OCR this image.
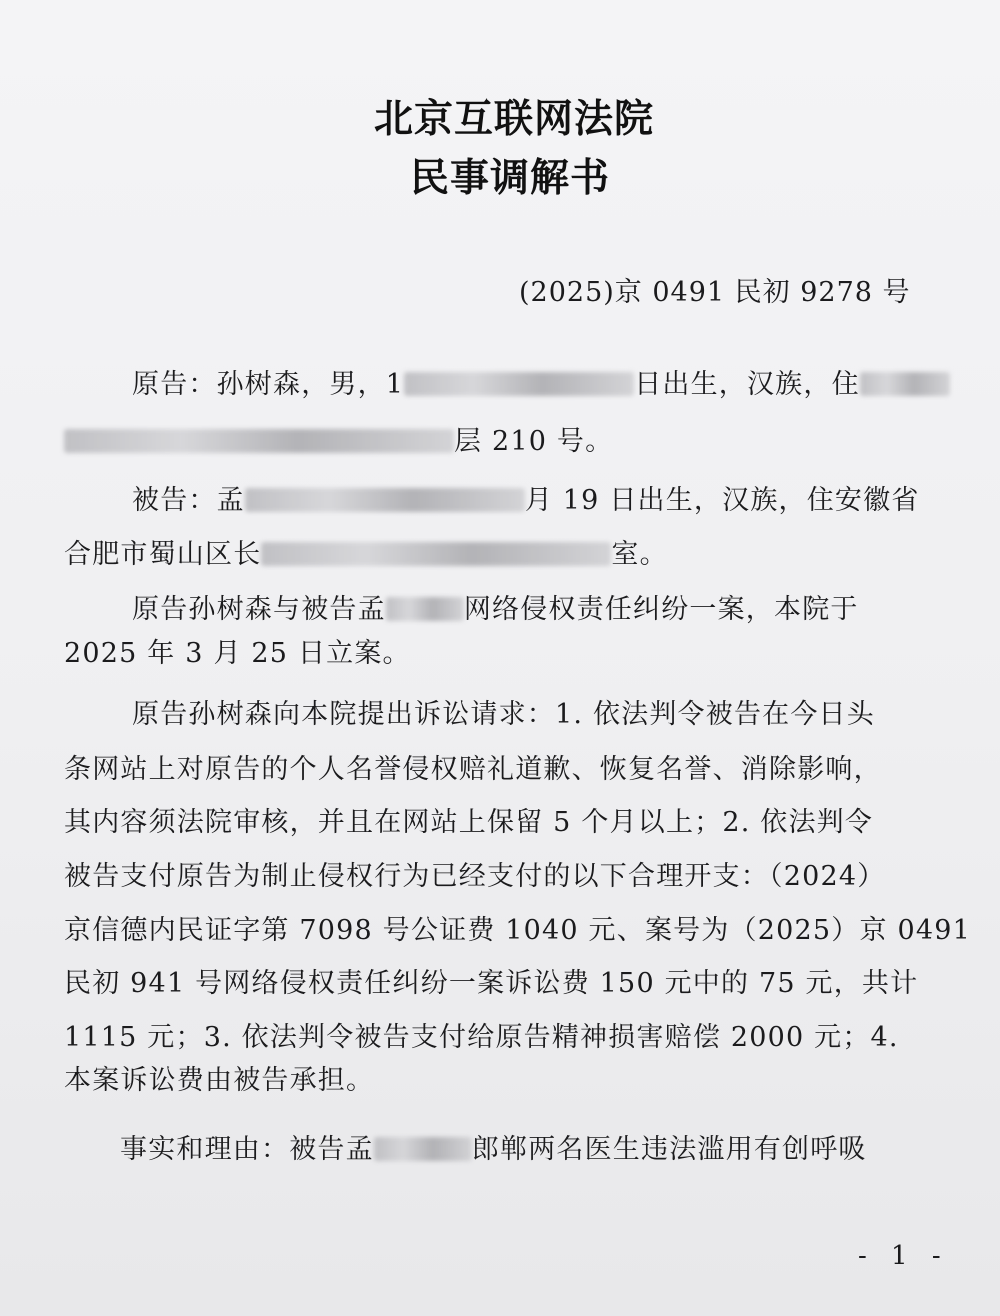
北京互联网法院
民事调解书
(2025)京 0491 民初 9278 号
原告：孙树森，男，1	日出生，汉族，住
层 210 号。
被告：孟	月 19 日出生，汉族，住安徽省
合肥市蜀山区长	室。
原告孙树森与被告孟	网络侵权责任纠纷一案，本院于
2025 年 3 月 25 日立案。
原告孙树森向本院提出诉讼请求：1. 依法判令被告在今日头
条网站上对原告的个人名誉侵权赔礼道歉、恢复名誉、消除影响，
其内容须法院审核，并且在网站上保留 5 个月以上；2. 依法判令
被告支付原告为制止侵权行为已经支付的以下合理开支：（2024）
京信德内民证字第 7098 号公证费 1040 元、案号为（2025）京 0491
民初 941 号网络侵权责任纠纷一案诉讼费 150 元中的 75 元，共计
1115 元；3. 依法判令被告支付给原告精神损害赔偿 2000 元；4.
本案诉讼费由被告承担。
事实和理由：被告孟	郎郸两名医生违法滥用有创呼吸
- 1 -
